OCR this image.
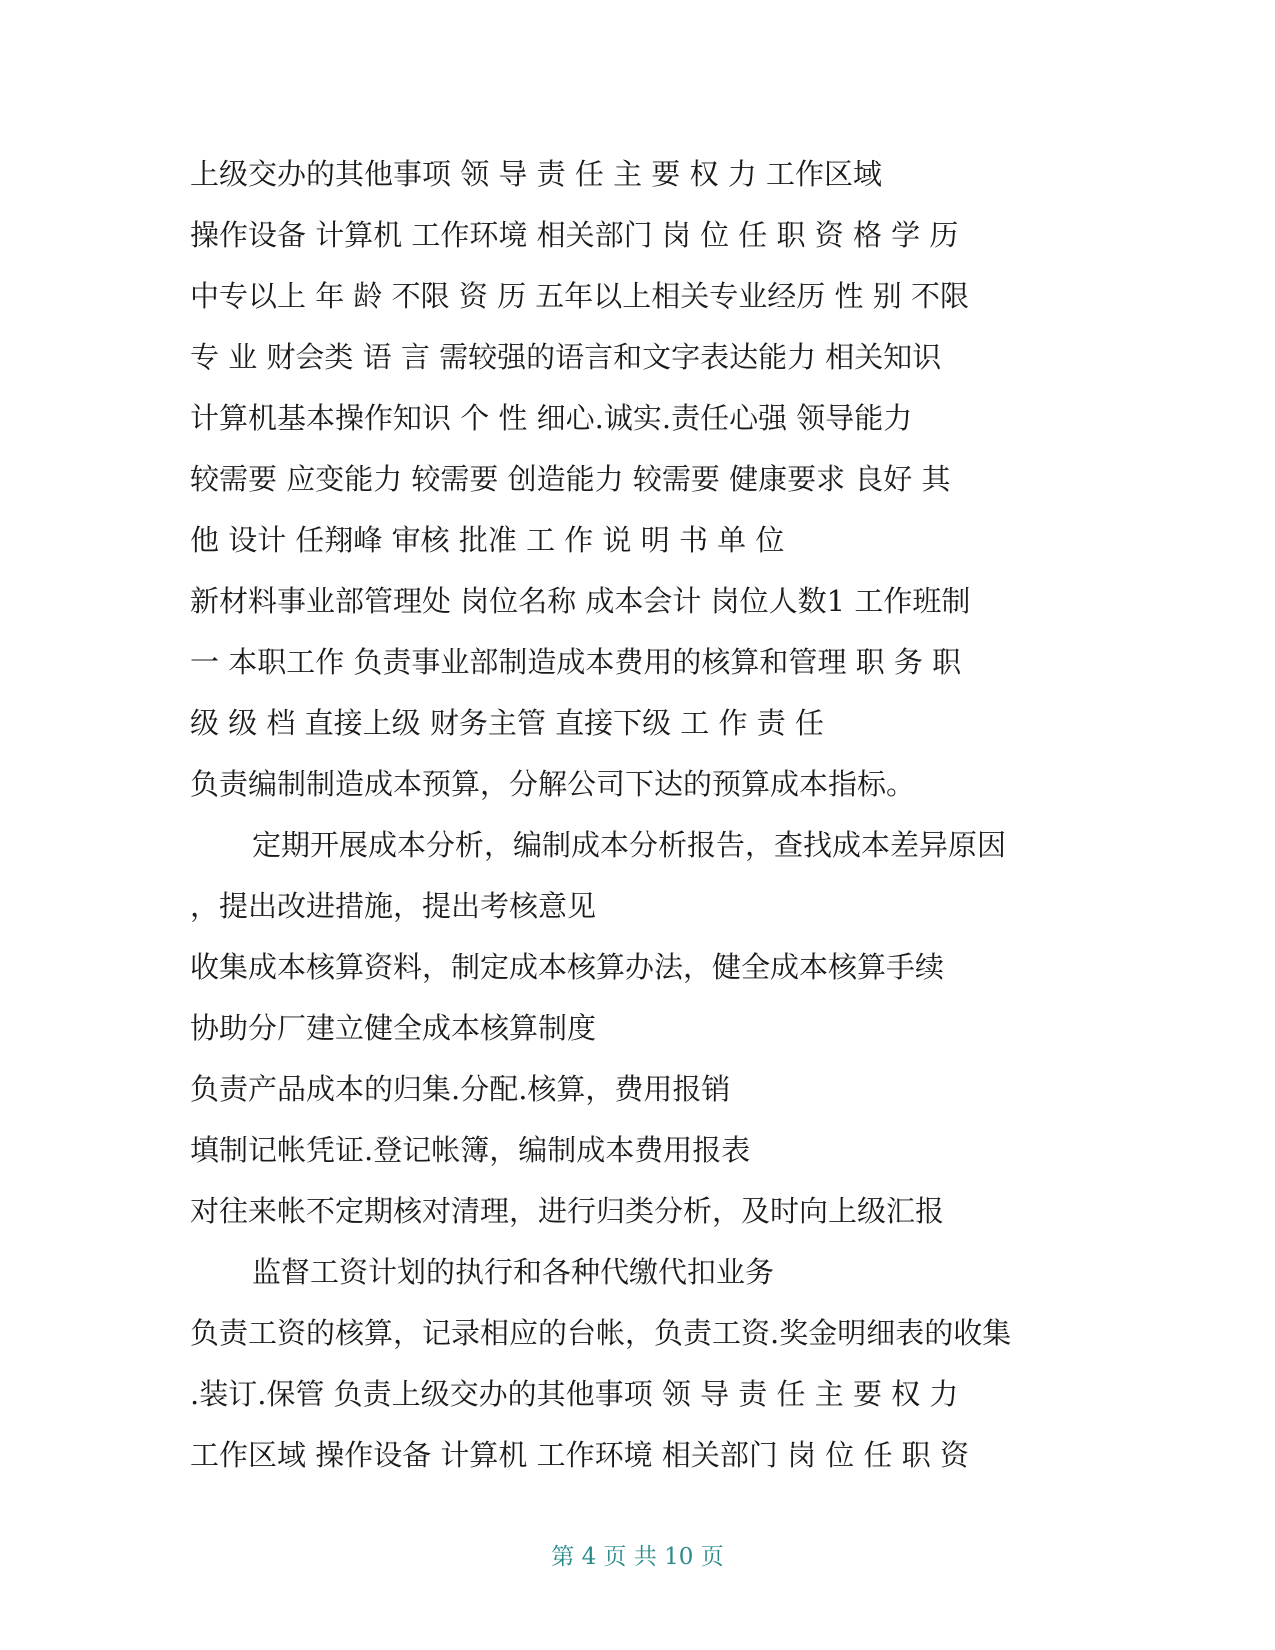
上级交办的其他事项 领 导 责 任 主 要 权 力 工作区域
操作设备 计算机 工作环境 相关部门 岗 位 任 职 资 格 学 历
中专以上 年 龄 不限 资 历 五年以上相关专业经历 性 别 不限
专 业 财会类 语 言 需较强的语言和文字表达能力 相关知识
计算机基本操作知识 个 性 细心.诚实.责任心强 领导能力
较需要 应变能力 较需要 创造能力 较需要 健康要求 良好 其
他 设计 任翔峰 审核 批准 工 作 说 明 书 单 位
新材料事业部管理处 岗位名称 成本会计 岗位人数1 工作班制
一 本职工作 负责事业部制造成本费用的核算和管理 职 务 职
级 级 档 直接上级 财务主管 直接下级 工 作 责 任
负责编制制造成本预算，分解公司下达的预算成本指标。
定期开展成本分析，编制成本分析报告，查找成本差异原因
，提出改进措施，提出考核意见
收集成本核算资料，制定成本核算办法，健全成本核算手续
协助分厂建立健全成本核算制度
负责产品成本的归集.分配.核算，费用报销
填制记帐凭证.登记帐簿，编制成本费用报表
对往来帐不定期核对清理，进行归类分析，及时向上级汇报
监督工资计划的执行和各种代缴代扣业务
负责工资的核算，记录相应的台帐，负责工资.奖金明细表的收集
.装订.保管 负责上级交办的其他事项 领 导 责 任 主 要 权 力
工作区域 操作设备 计算机 工作环境 相关部门 岗 位 任 职 资
第 4 页 共 10 页
